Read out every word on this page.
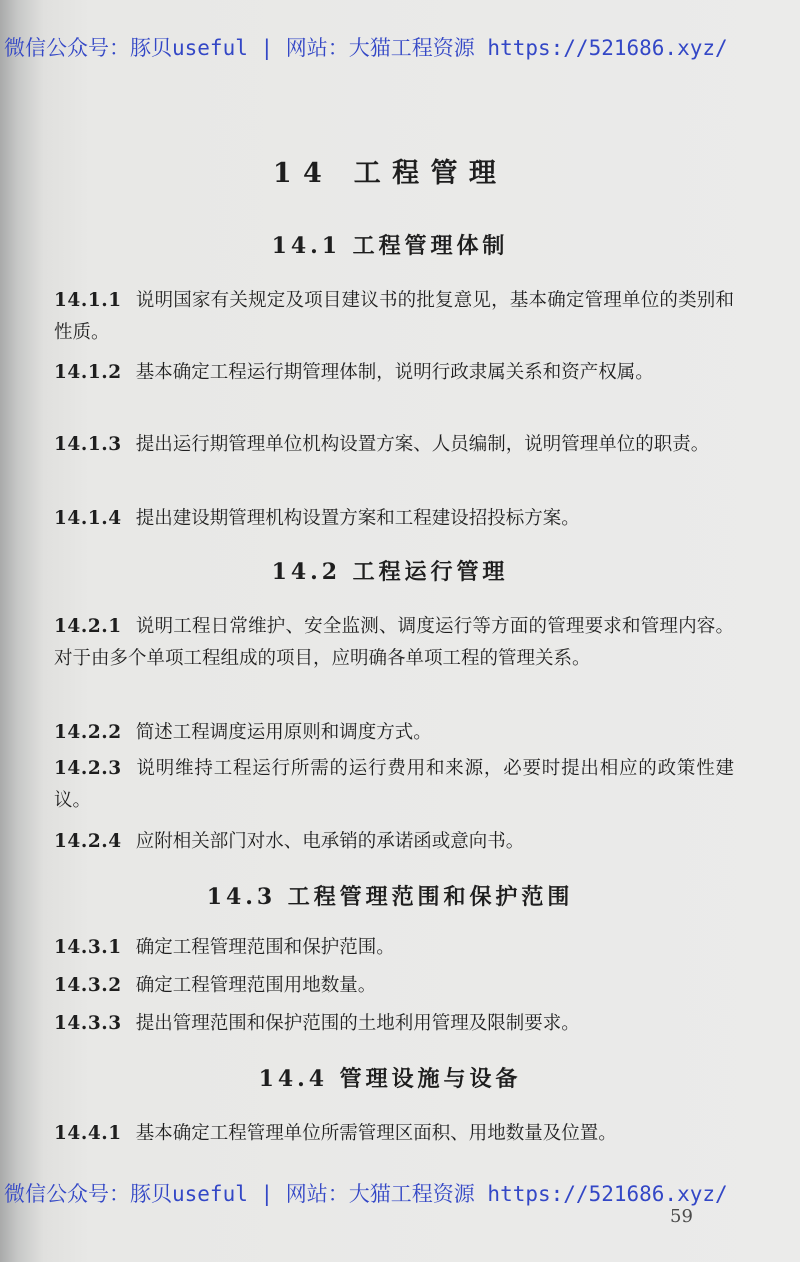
微信公众号：豚贝useful | 网站：大猫工程资源 https://521686.xyz/
14 工程管理
14.1 工程管理体制
14.1.1 说明国家有关规定及项目建议书的批复意见，基本确定管理单位的类别和性质。
14.1.2 基本确定工程运行期管理体制，说明行政隶属关系和资产权属。
14.1.3 提出运行期管理单位机构设置方案、人员编制，说明管理单位的职责。
14.1.4 提出建设期管理机构设置方案和工程建设招投标方案。
14.2 工程运行管理
14.2.1 说明工程日常维护、安全监测、调度运行等方面的管理要求和管理内容。对于由多个单项工程组成的项目，应明确各单项工程的管理关系。
14.2.2 简述工程调度运用原则和调度方式。
14.2.3 说明维持工程运行所需的运行费用和来源，必要时提出相应的政策性建议。
14.2.4 应附相关部门对水、电承销的承诺函或意向书。
14.3 工程管理范围和保护范围
14.3.1 确定工程管理范围和保护范围。
14.3.2 确定工程管理范围用地数量。
14.3.3 提出管理范围和保护范围的土地利用管理及限制要求。
14.4 管理设施与设备
14.4.1 基本确定工程管理单位所需管理区面积、用地数量及位置。
微信公众号：豚贝useful | 网站：大猫工程资源 https://521686.xyz/
59
